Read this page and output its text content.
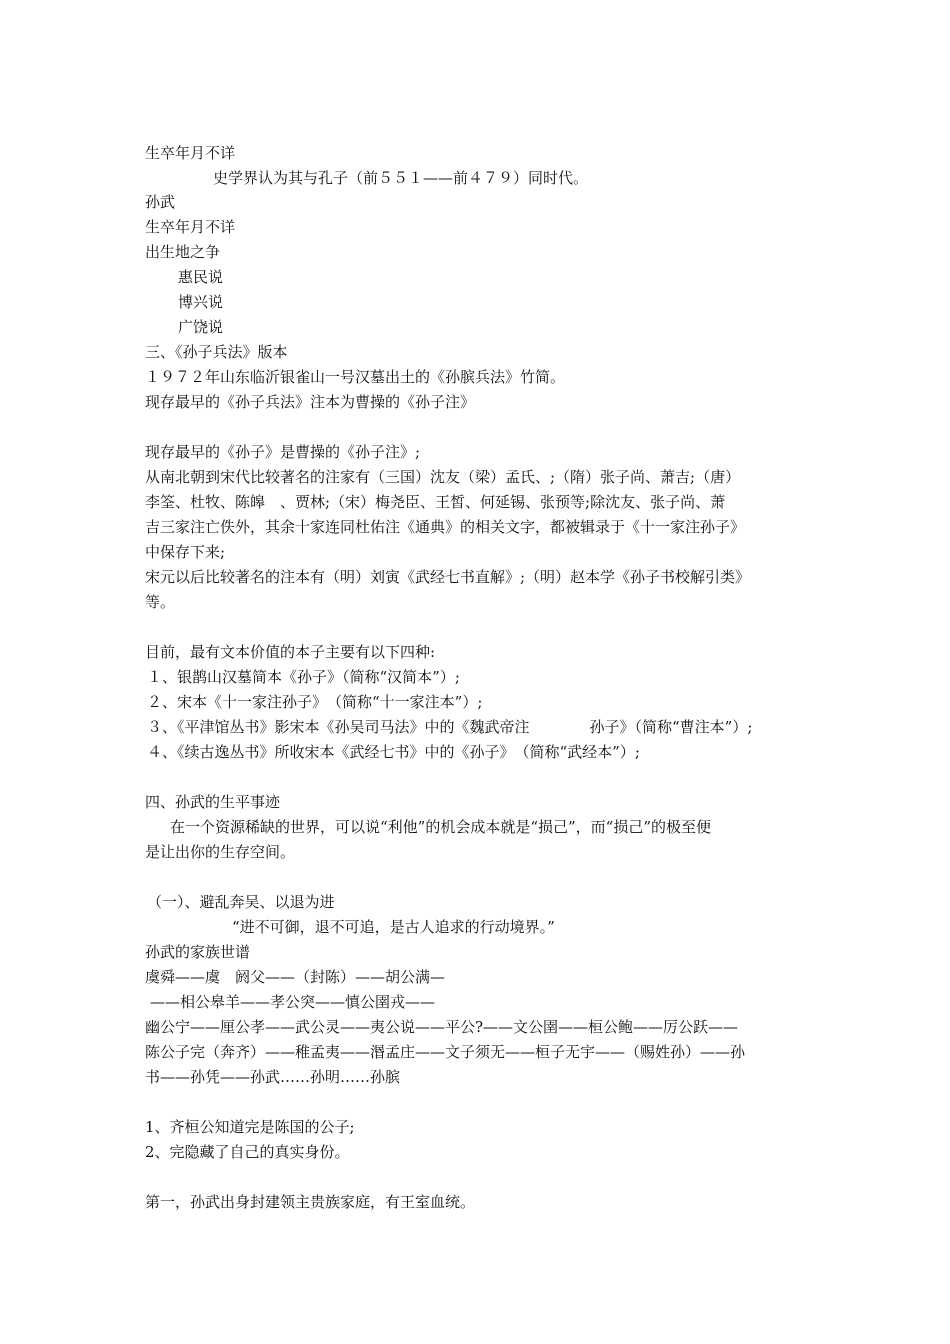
生卒年月不详
史学界认为其与孔子（前５５１——前４７９）同时代。
孙武
生卒年月不详
出生地之争
惠民说
博兴说
广饶说
三、《孙子兵法》版本
１９７２年山东临沂银雀山一号汉墓出土的《孙膑兵法》竹简。
现存最早的《孙子兵法》注本为曹操的《孙子注》
现存最早的《孙子》是曹操的《孙子注》;
从南北朝到宋代比较著名的注家有（三国）沈友（梁）孟氏、;（隋）张子尚、萧吉;（唐）
李筌、杜牧、陈皞　、贾林;（宋）梅尧臣、王皙、何延锡、张预等;除沈友、张子尚、萧
吉三家注亡佚外，其余十家连同杜佑注《通典》的相关文字，都被辑录于《十一家注孙子》
中保存下来;
宋元以后比较著名的注本有（明）刘寅《武经七书直解》;（明）赵本学《孙子书校解引类》
等。
目前，最有文本价值的本子主要有以下四种:
１、银鹊山汉墓简本《孙子》（简称“汉简本”）;
２、宋本《十一家注孙子》　（简称“十一家注本”）;
３、《平津馆丛书》影宋本《孙吴司马法》中的《魏武帝注　　　　孙子》（简称“曹注本”）;
４、《续古逸丛书》所收宋本《武经七书》中的《孙子》　（简称“武经本”）;
四、孙武的生平事迹
在一个资源稀缺的世界，可以说“利他”的机会成本就是“损己”，而“损己”的极至便
是让出你的生存空间。
（一）、避乱奔吴、以退为进
“进不可御，退不可追，是古人追求的行动境界。”
孙武的家族世谱
虞舜——虞　阏父——（封陈）——胡公满—
——相公皋羊——孝公突——慎公圉戎——
幽公宁——厘公孝——武公灵——夷公说——平公?——文公圉——桓公鲍——厉公跃——
陈公子完（奔齐）——稚孟夷——湣孟庄——文子须无——桓子无宇——（赐姓孙）——孙
书——孙凭——孙武……孙明……孙膑
1、齐桓公知道完是陈国的公子;
2、完隐藏了自己的真实身份。
第一，孙武出身封建领主贵族家庭，有王室血统。
